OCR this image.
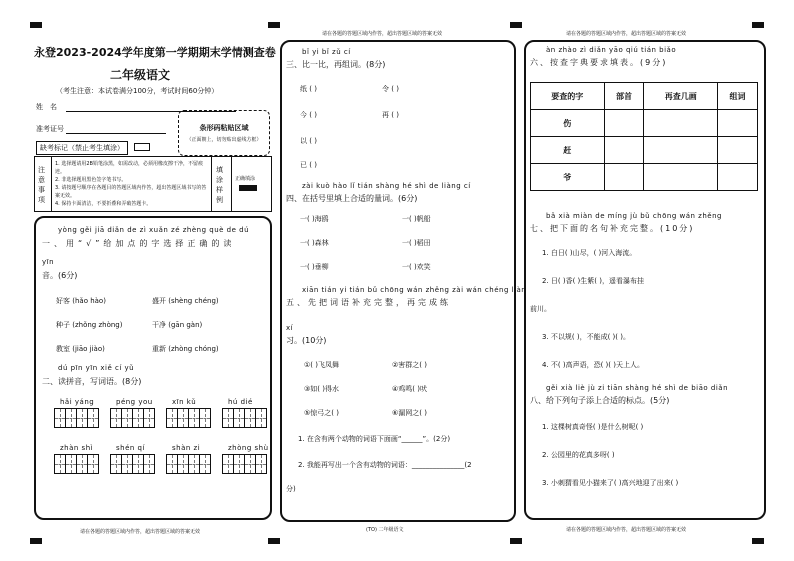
永登2023-2024学年度第一学期期末学情测查卷
二年级语文
（考生注意：本试卷满分100分，考试时间60分钟）
姓　名
准考证号
缺考标记（禁止考生填涂）
条形码粘贴区域
（正面朝上，切勿贴出虚线方框）
注意事项
1. 选择题请用2B铅笔涂黑，如需改动，必须用橡皮擦干净，不留痕迹。
2. 非选择题用黑色签字笔书写。
3. 请按题号顺序在各题目的答题区域内作答，超出答题区域书写的答案无效。
4. 保持卡面清洁，不要折叠和弄破答题卡。
填涂样例
正确填涂
yòng gěi jiā diǎn de zì xuǎn zé zhèng què de dú
一、用“√”给加点的字选择正确的读
yīn
音。(6分)
好客 (hǎo hào)	盛开 (shèng chéng)
种子 (zhǒng zhòng)	干净 (gān gàn)
教室 (jiāo jiào)	重新 (zhòng chóng)
dú pīn yīn xiě cí yǔ
二、读拼音，写词语。(8分)
hǎi yáng	péng you	xīn kǔ	hú dié
zhàn shì	shén qí	shàn zi	zhòng shù
请在各题的答题区域内作答，超出答题区域的答案无效
请在各题的答题区域内作答，超出答题区域的答案无效
bǐ yi bǐ zǔ cí
三、比一比，再组词。(8分)
纸 ( )	令 ( )
今 ( )	再 ( )
以 ( )
已 ( )
zài kuò hào lǐ tián shàng hé shì de liàng cí
四、在括号里填上合适的量词。(6分)
一( )海鸥	一( )帆船
一( )森林	一( )稻田
一( )垂柳	一( )欢笑
xiān tián yi tián bǔ chōng wán zhěng zài wán chéng liàn
五、先把词语补充完整，再完成练
xí
习。(10分)
①( )飞凤舞	②害群之( )
③如( )得水	④鸡鸣( )吠
⑤惊弓之( )	⑥漏网之( )
1. 在含有两个动物的词语下面画“______”。(2分)
2. 我能再写出一个含有动物的词语：_______________(2
分)
(TO) 二年级语文
请在各题的答题区域内作答，超出答题区域的答案无效
àn zhào zì diǎn yāo qiú tián biǎo
六、按查字典要求填表。(9分)
要查的字	部首	再查几画	组词
伤			
赶			
爷			
bǎ xià miàn de míng jù bǔ chōng wán zhěng
七、把下面的名句补充完整。(10分)
1. 白日( )山尽，( )河入海流。
2. 日( )香( )生紫( )，遥看瀑布挂
前川。
3. 不以规( )，不能成( )( )。
4. 不( )高声语，恐( )( )天上人。
gěi xià liè jù zi tiān shàng hé shì de biāo diǎn
八、给下列句子添上合适的标点。(5分)
1. 这棵树真奇怪( )是什么树呢( )
2. 公园里的花真多呀( )
3. 小刺猬看见小猫来了( )高兴地迎了出来( )
请在各题的答题区域内作答，超出答题区域的答案无效
